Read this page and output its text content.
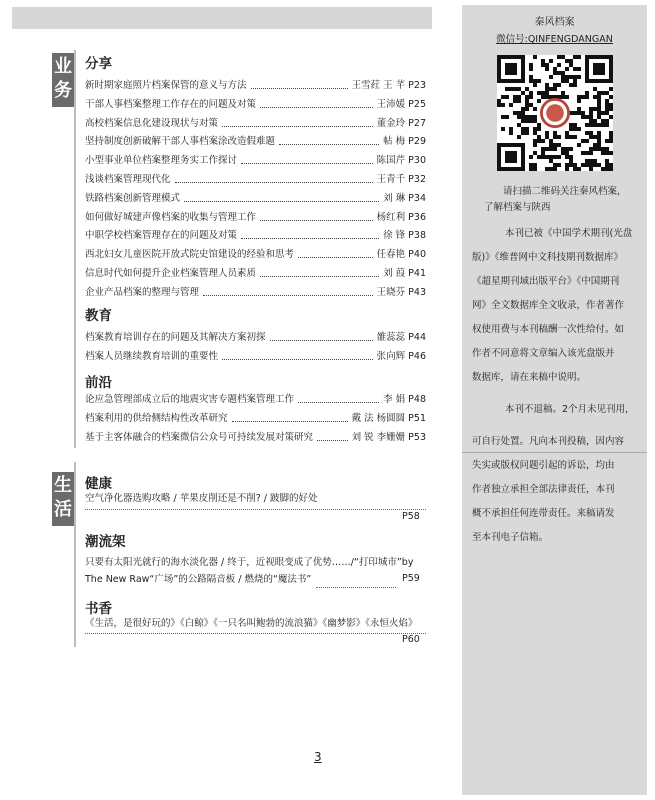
业
务
生
活
分享
新时期家庭照片档案保管的意义与方法	王雪荭 王 芊 P23
干部人事档案整理工作存在的问题及对策	王沛媛 P25
高校档案信息化建设现状与对策	董金玲 P27
坚持制度创新破解干部人事档案涂改造假难题	帖 梅 P29
小型事业单位档案整理务实工作探讨	陈国芹 P30
浅谈档案管理现代化	王青千 P32
铁路档案创新管理模式	刘 琳 P34
如何做好城建声像档案的收集与管理工作	杨红利 P36
中职学校档案管理存在的问题及对策	徐 锋 P38
西北妇女儿童医院开放式院史馆建设的经验和思考	任春艳 P40
信息时代如何提升企业档案管理人员素质	刘 葭 P41
企业产品档案的整理与管理	王晓芬 P43
教育
档案教育培训存在的问题及其解决方案初探	雒蕊蕊 P44
档案人员继续教育培训的重要性	张向辉 P46
前沿
论应急管理部成立后的地震灾害专题档案管理工作	李 娟 P48
档案利用的供给侧结构性改革研究	戴 法 杨圆圆 P51
基于主客体融合的档案微信公众号可持续发展对策研究	刘 锐 李姗姗 P53
健康
空气净化器选购攻略 / 苹果皮削还是不削? / 跛脚的好处
P58
潮流架
只要有太阳光就行的海水淡化器 / 终于，近视眼变成了优势……/“打印城市”by
The New Raw“广场”的公路隔音板 / 燃烧的“魔法书”	P59
书香
《生活，是很好玩的》《白鲸》《一只名叫鲍勃的流浪猫》《幽梦影》《永恒火焰》
P60
3
秦风档案
微信号:QINFENGDANGAN
请扫描二维码关注秦风档案，
了解档案与陕西
本刊已被《中国学术期刊(光盘
版)》《维普网中文科技期刊数据库》
《超星期刊域出版平台》《中国期刊
网》全文数据库全文收录，作者著作
权使用费与本刊稿酬一次性给付。如
作者不同意将文章编入该光盘版并
数据库，请在来稿中说明。
本刊不退稿。2个月未见刊用，
可自行处置。凡向本刊投稿，因内容
失实或版权问题引起的诉讼，均由
作者独立承担全部法律责任，本刊
概不承担任何连带责任。来稿请发
至本刊电子信箱。
